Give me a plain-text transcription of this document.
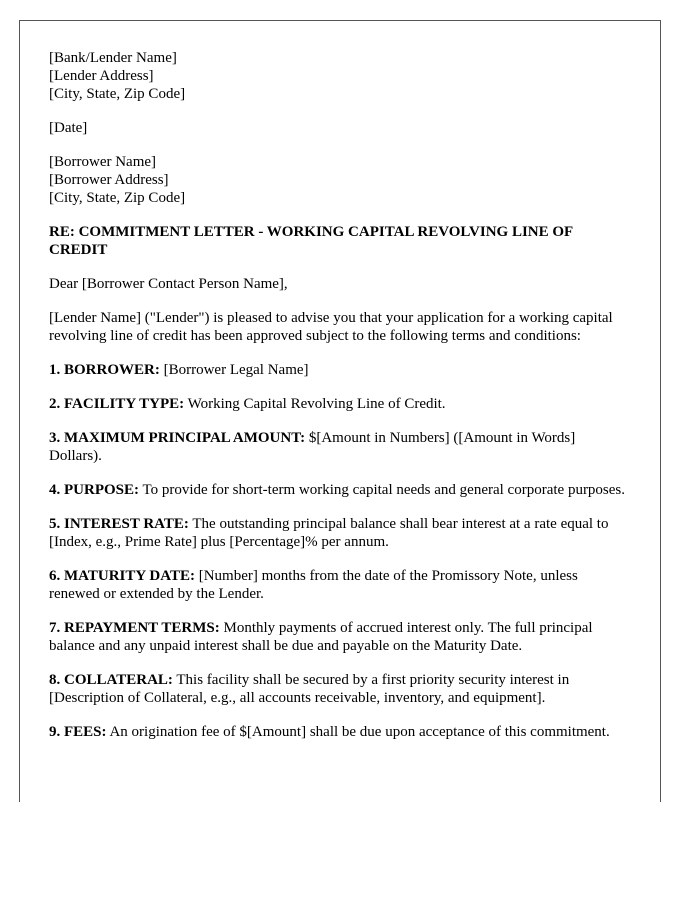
[Bank/Lender Name]
[Lender Address]
[City, State, Zip Code]
[Date]
[Borrower Name]
[Borrower Address]
[City, State, Zip Code]
RE: COMMITMENT LETTER - WORKING CAPITAL REVOLVING LINE OF CREDIT
Dear [Borrower Contact Person Name],
[Lender Name] ("Lender") is pleased to advise you that your application for a working capital revolving line of credit has been approved subject to the following terms and conditions:
1. BORROWER: [Borrower Legal Name]
2. FACILITY TYPE: Working Capital Revolving Line of Credit.
3. MAXIMUM PRINCIPAL AMOUNT: $[Amount in Numbers] ([Amount in Words] Dollars).
4. PURPOSE: To provide for short-term working capital needs and general corporate purposes.
5. INTEREST RATE: The outstanding principal balance shall bear interest at a rate equal to [Index, e.g., Prime Rate] plus [Percentage]% per annum.
6. MATURITY DATE: [Number] months from the date of the Promissory Note, unless renewed or extended by the Lender.
7. REPAYMENT TERMS: Monthly payments of accrued interest only. The full principal balance and any unpaid interest shall be due and payable on the Maturity Date.
8. COLLATERAL: This facility shall be secured by a first priority security interest in [Description of Collateral, e.g., all accounts receivable, inventory, and equipment].
9. FEES: An origination fee of $[Amount] shall be due upon acceptance of this commitment.
